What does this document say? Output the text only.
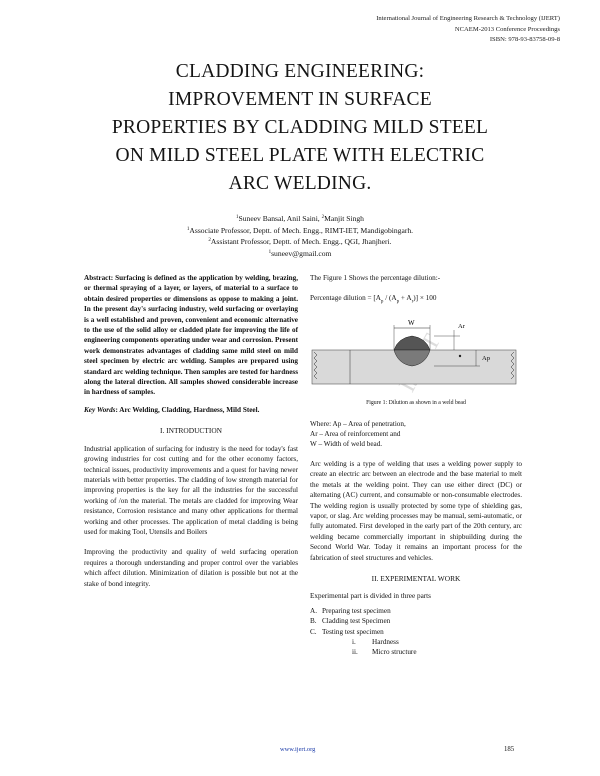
International Journal of Engineering Research & Technology (IJERT)
NCAEM-2013 Conference Proceedings
ISBN: 978-93-83758-09-8
CLADDING ENGINEERING: IMPROVEMENT IN SURFACE PROPERTIES BY CLADDING MILD STEEL ON MILD STEEL PLATE WITH ELECTRIC ARC WELDING.
$^1$Suneev Bansal, Anil Saini, $^2$Manjit Singh
$^1$Associate Professor, Deptt. of Mech. Engg., RIMT-IET, Mandigobingarh.
$^2$Assistant Professor, Deptt. of Mech. Engg., QGI, Jhanjheri.
$^1$suneev@gmail.com
Abstract: Surfacing is defined as the application by welding, brazing, or thermal spraying of a layer, or layers, of material to a surface to obtain desired properties or dimensions as oppose to making a joint. In the present day's surfacing industry, weld surfacing or overlaying is a well established and proven, convenient and economic alternative to the use of the solid alloy or cladded plate for improving the life of engineering components operating under wear and corrosion. Present work demonstrates advantages of cladding same mild steel on mild steel specimen by electric arc welding. Samples are prepared using standard arc welding technique. Then samples are tested for hardness along the lateral direction. All samples showed considerable increase in hardness of samples.
Key Words: Arc Welding, Cladding, Hardness, Mild Steel.
I. INTRODUCTION
Industrial application of surfacing for industry is the need for today's fast growing industries for cost cutting and for the other economy factors, technical issues, productivity improvements and a quest for having newer materials with better properties. The cladding of low strength material for improving properties is the key for all the industries for the successful working of /on the material. The metals are cladded for improving Wear resistance, Corrosion resistance and many other applications for thermal working and other processes. The application of metal cladding is being used for making Tool, Utensils and Boilers
Improving the productivity and quality of weld surfacing operation requires a thorough understanding and proper control over the variables which affect dilution. Minimization of dilation is possible but not at the stake of bond integrity.
The Figure 1 Shows the percentage dilution:-
Percentage dilution = $[A_p / (A_p + A_r)] \times 100$
W	Ar
Ap
Figure 1: Dilution as shown in a weld bead
Where: Ap – Area of penetration,
Ar – Area of reinforcement and
W – Width of weld bead.
Arc welding is a type of welding that uses a welding power supply to create an electric arc between an electrode and the base material to melt the metals at the welding point. They can use either direct (DC) or alternating (AC) current, and consumable or non-consumable electrodes. The welding region is usually protected by some type of shielding gas, vapor, or slag. Arc welding processes may be manual, semi-automatic, or fully automated. First developed in the early part of the 20th century, arc welding became commercially important in shipbuilding during the Second World War. Today it remains an important process for the fabrication of steel structures and vehicles.
II. EXPERIMENTAL WORK
Experimental part is divided in three parts
A. Preparing test specimen
B. Cladding test Specimen
C. Testing test specimen
i.	Hardness
ii.	Micro structure
www.ijert.org	185
